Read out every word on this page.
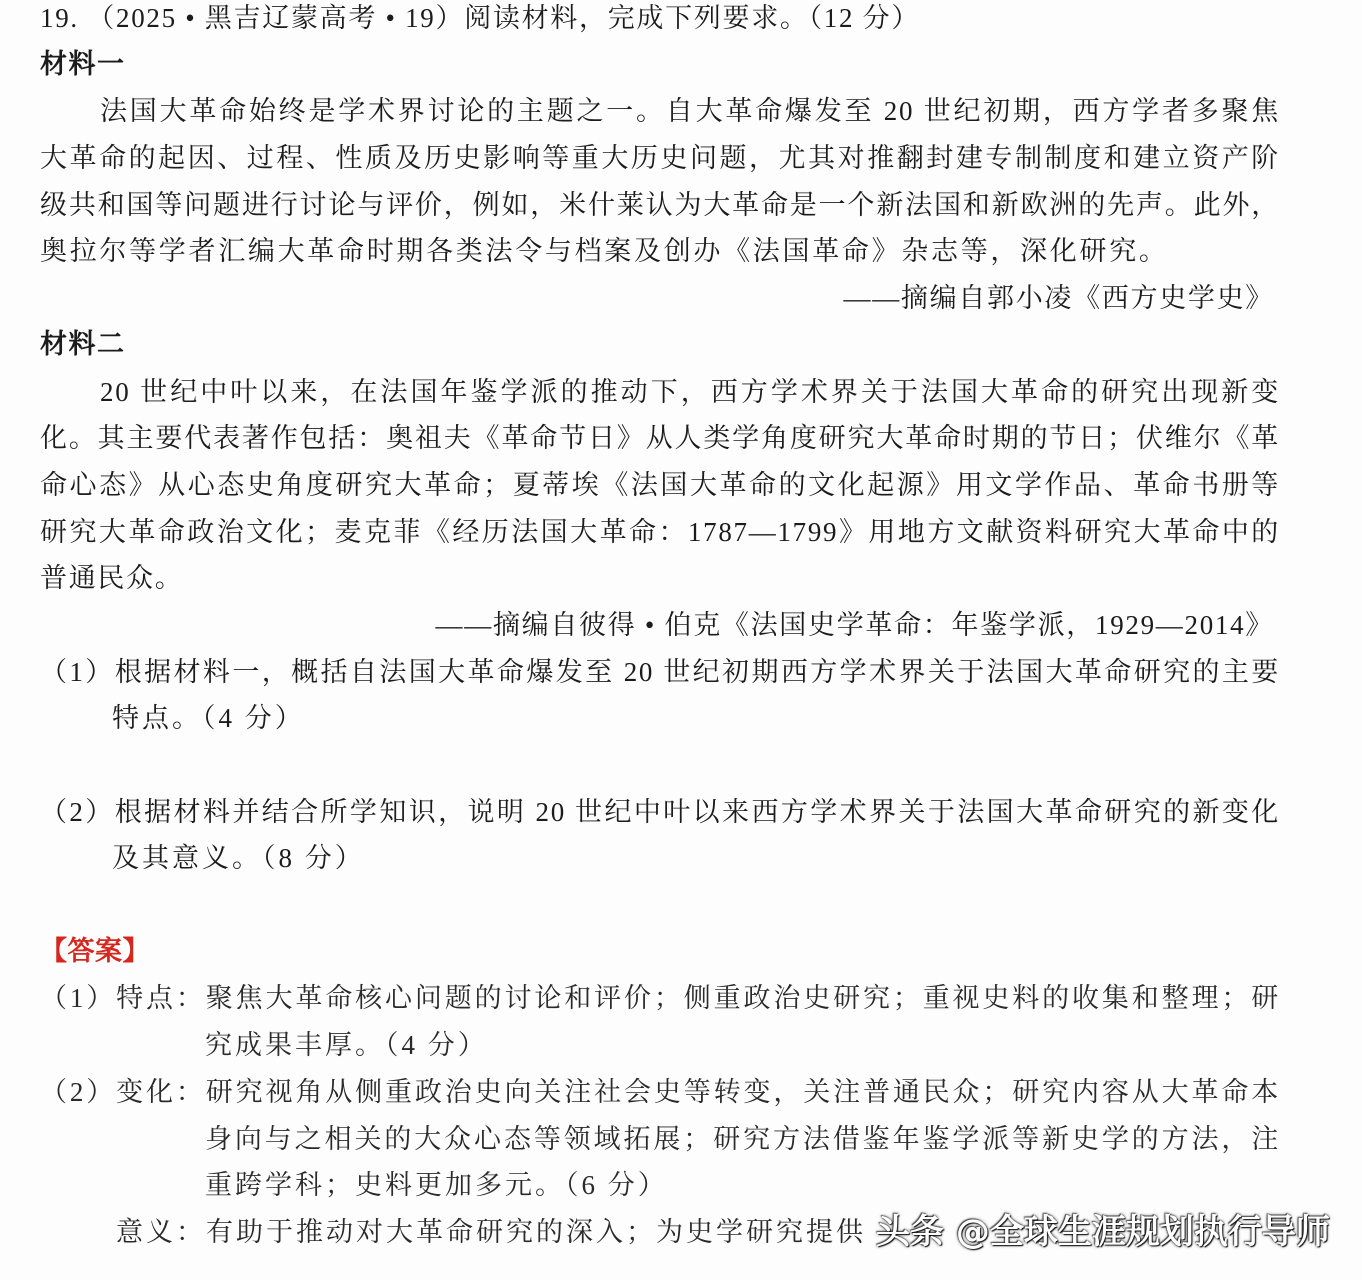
19. （2025 • 黑吉辽蒙高考 • 19）阅读材料，完成下列要求。（12 分）
材料一
法国大革命始终是学术界讨论的主题之一。自大革命爆发至 20 世纪初期，西方学者多聚焦
大革命的起因、过程、性质及历史影响等重大历史问题，尤其对推翻封建专制制度和建立资产阶
级共和国等问题进行讨论与评价，例如，米什莱认为大革命是一个新法国和新欧洲的先声。此外，
奥拉尔等学者汇编大革命时期各类法令与档案及创办《法国革命》杂志等，深化研究。
——摘编自郭小凌《西方史学史》
材料二
20 世纪中叶以来，在法国年鉴学派的推动下，西方学术界关于法国大革命的研究出现新变
化。其主要代表著作包括：奥祖夫《革命节日》从人类学角度研究大革命时期的节日；伏维尔《革
命心态》从心态史角度研究大革命；夏蒂埃《法国大革命的文化起源》用文学作品、革命书册等
研究大革命政治文化；麦克菲《经历法国大革命：1787—1799》用地方文献资料研究大革命中的
普通民众。
——摘编自彼得 • 伯克《法国史学革命：年鉴学派，1929—2014》
（1）根据材料一，概括自法国大革命爆发至 20 世纪初期西方学术界关于法国大革命研究的主要
特点。（4 分）
（2）根据材料并结合所学知识，说明 20 世纪中叶以来西方学术界关于法国大革命研究的新变化
及其意义。（8 分）
【答案】
（1）特点：聚焦大革命核心问题的讨论和评价；侧重政治史研究；重视史料的收集和整理；研
究成果丰厚。（4 分）
（2）变化：研究视角从侧重政治史向关注社会史等转变，关注普通民众；研究内容从大革命本
身向与之相关的大众心态等领域拓展；研究方法借鉴年鉴学派等新史学的方法，注
重跨学科；史料更加多元。（6 分）
意义：有助于推动对大革命研究的深入；为史学研究提供 头条 @全球生涯规划执行导师
